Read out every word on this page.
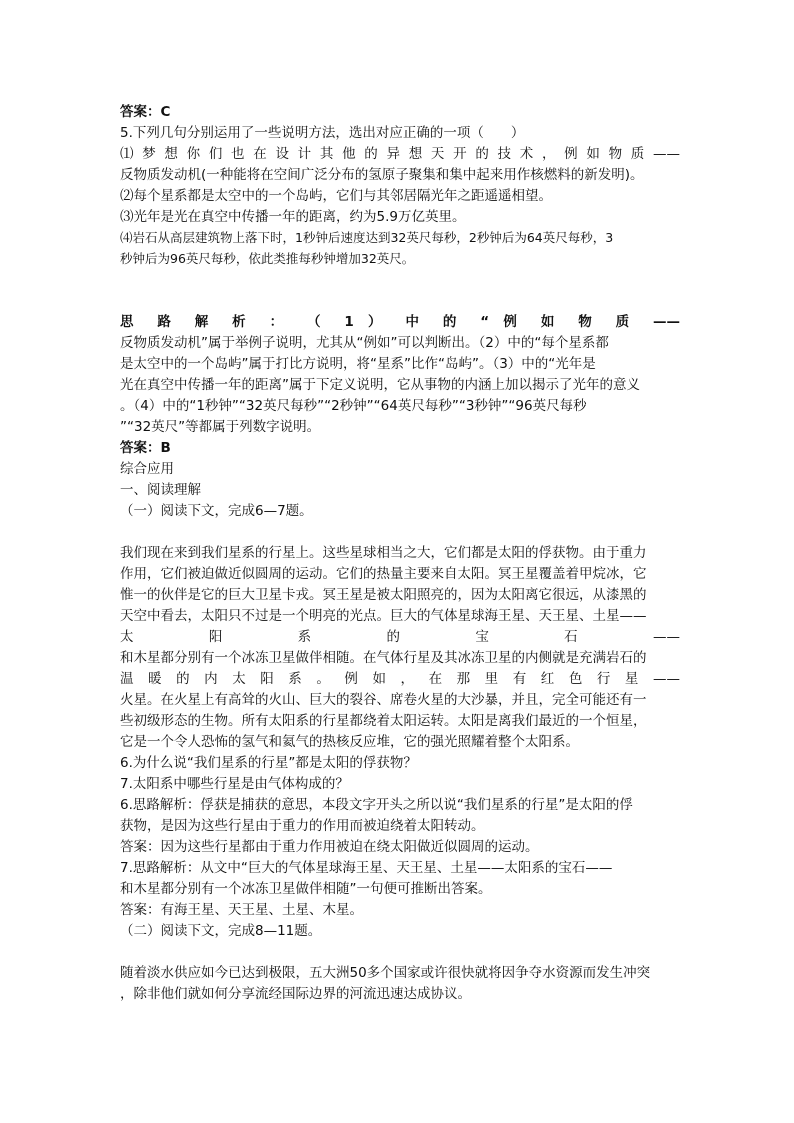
答案：C
5.下列几句分别运用了一些说明方法，选出对应正确的一项（　　）
⑴ 梦 想 你 们 也 在 设 计 其 他 的 异 想 天 开 的 技 术 ， 例 如 物 质 ——
反物质发动机(一种能将在空间广泛分布的氢原子聚集和集中起来用作核燃料的新发明)。
⑵每个星系都是太空中的一个岛屿，它们与其邻居隔光年之距遥遥相望。
⑶光年是光在真空中传播一年的距离，约为5.9万亿英里。
⑷岩石从高层建筑物上落下时，1秒钟后速度达到32英尺每秒，2秒钟后为64英尺每秒，3
秒钟后为96英尺每秒，依此类推每秒钟增加32英尺。
思 路 解 析 ： （ 1 ） 中 的 “ 例 如 物 质 ——
反物质发动机”属于举例子说明，尤其从“例如”可以判断出。（2）中的“每个星系都
是太空中的一个岛屿”属于打比方说明，将“星系”比作“岛屿”。（3）中的“光年是
光在真空中传播一年的距离”属于下定义说明，它从事物的内涵上加以揭示了光年的意义
。（4）中的“1秒钟”“32英尺每秒”“2秒钟”“64英尺每秒”“3秒钟”“96英尺每秒
”“32英尺”等都属于列数字说明。
答案：B
综合应用
一、阅读理解
（一）阅读下文，完成6—7题。
我们现在来到我们星系的行星上。这些星球相当之大，它们都是太阳的俘获物。由于重力
作用，它们被迫做近似圆周的运动。它们的热量主要来自太阳。冥王星覆盖着甲烷冰，它
惟一的伙伴是它的巨大卫星卡戎。冥王星是被太阳照亮的，因为太阳离它很远，从漆黑的
天空中看去，太阳只不过是一个明亮的光点。巨大的气体星球海王星、天王星、土星——
太 阳 系 的 宝 石 ——
和木星都分别有一个冰冻卫星做伴相随。在气体行星及其冰冻卫星的内侧就是充满岩石的
温 暖 的 内 太 阳 系 。 例 如 ， 在 那 里 有 红 色 行 星 ——
火星。在火星上有高耸的火山、巨大的裂谷、席卷火星的大沙暴，并且，完全可能还有一
些初级形态的生物。所有太阳系的行星都绕着太阳运转。太阳是离我们最近的一个恒星，
它是一个令人恐怖的氢气和氦气的热核反应堆，它的强光照耀着整个太阳系。
6.为什么说“我们星系的行星”都是太阳的俘获物？
7.太阳系中哪些行星是由气体构成的？
6.思路解析：俘获是捕获的意思，本段文字开头之所以说“我们星系的行星”是太阳的俘
获物，是因为这些行星由于重力的作用而被迫绕着太阳转动。
答案：因为这些行星都由于重力作用被迫在绕太阳做近似圆周的运动。
7.思路解析：从文中“巨大的气体星球海王星、天王星、土星——太阳系的宝石——
和木星都分别有一个冰冻卫星做伴相随”一句便可推断出答案。
答案：有海王星、天王星、土星、木星。
（二）阅读下文，完成8—11题。
随着淡水供应如今已达到极限，五大洲50多个国家或许很快就将因争夺水资源而发生冲突
，除非他们就如何分享流经国际边界的河流迅速达成协议。
